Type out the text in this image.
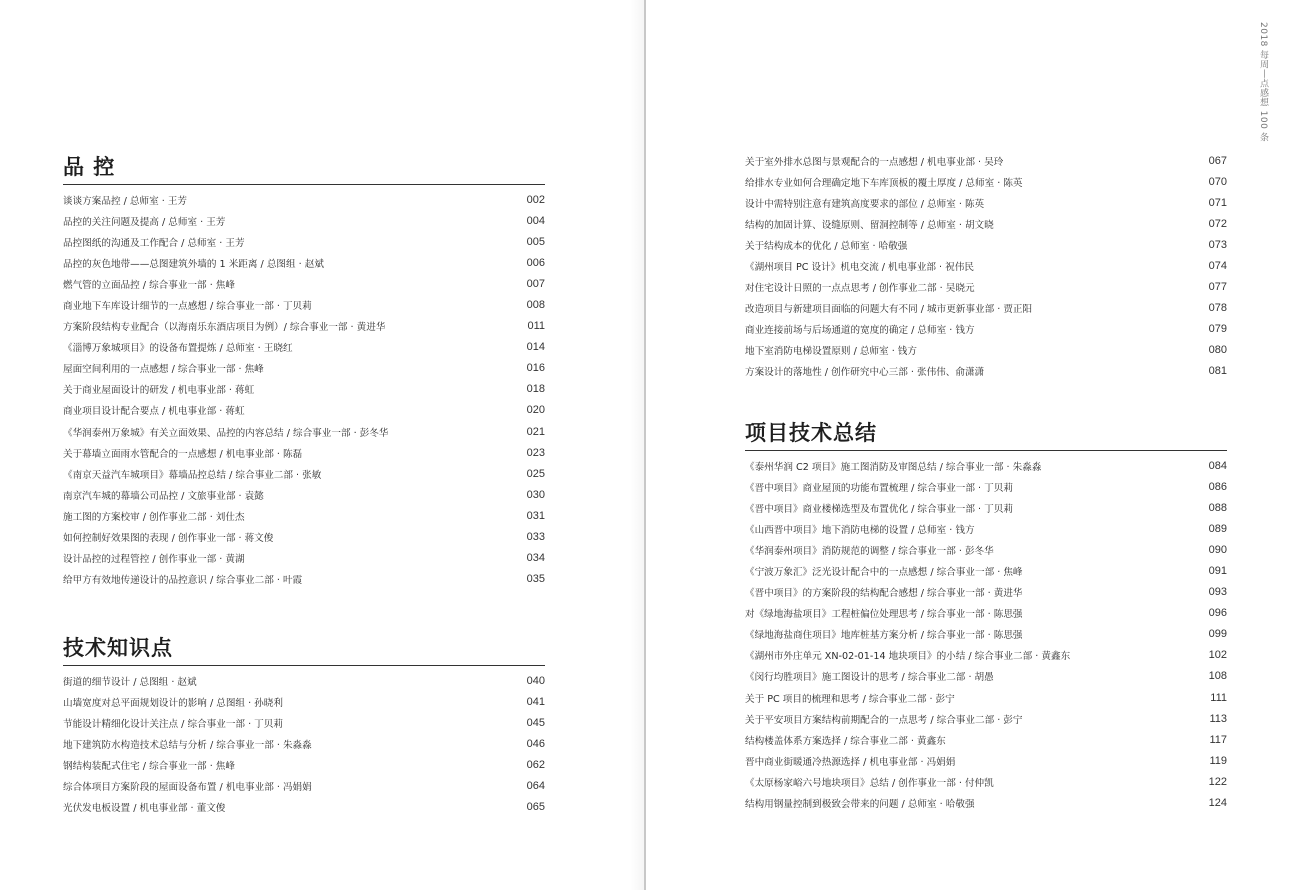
2018 每周丨点感想 100 条
品 控
谈谈方案品控 / 总师室 · 王芳	002
品控的关注问题及提高 / 总师室 · 王芳	004
品控图纸的沟通及工作配合 / 总师室 · 王芳	005
品控的灰色地带——总图建筑外墙的 1 米距离 / 总图组 · 赵斌	006
燃气管的立面品控 / 综合事业一部 · 焦峰	007
商业地下车库设计细节的一点感想 / 综合事业一部 · 丁贝莉	008
方案阶段结构专业配合（以海南乐东酒店项目为例）/ 综合事业一部 · 黄进华	011
《淄博万象城项目》的设备布置提炼 / 总师室 · 王晓红	014
屋面空间利用的一点感想 / 综合事业一部 · 焦峰	016
关于商业屋面设计的研发 / 机电事业部 · 蒋虹	018
商业项目设计配合要点 / 机电事业部 · 蒋虹	020
《华润泰州万象城》有关立面效果、品控的内容总结 / 综合事业一部 · 彭冬华	021
关于幕墙立面雨水管配合的一点感想 / 机电事业部 · 陈磊	023
《南京天益汽车城项目》幕墙品控总结 / 综合事业二部 · 张敏	025
南京汽车城的幕墙公司品控 / 文旅事业部 · 袁懿	030
施工图的方案校审 / 创作事业二部 · 刘仕杰	031
如何控制好效果图的表现 / 创作事业一部 · 蒋文俊	033
设计品控的过程管控 / 创作事业一部 · 黄湖	034
给甲方有效地传递设计的品控意识 / 综合事业二部 · 叶霞	035
技术知识点
街道的细节设计 / 总图组 · 赵斌	040
山墙宽度对总平面规划设计的影响 / 总图组 · 孙晓利	041
节能设计精细化设计关注点 / 综合事业一部 · 丁贝莉	045
地下建筑防水构造技术总结与分析 / 综合事业一部 · 朱淼淼	046
钢结构装配式住宅 / 综合事业一部 · 焦峰	062
综合体项目方案阶段的屋面设备布置 / 机电事业部 · 冯娟娟	064
光伏发电板设置 / 机电事业部 · 董文俊	065
关于室外排水总图与景观配合的一点感想 / 机电事业部 · 吴玲	067
给排水专业如何合理确定地下车库顶板的覆土厚度 / 总师室 · 陈英	070
设计中需特别注意有建筑高度要求的部位 / 总师室 · 陈英	071
结构的加固计算、设缝原则、留洞控制等 / 总师室 · 胡文晓	072
关于结构成本的优化 / 总师室 · 哈敬强	073
《湖州项目 PC 设计》机电交流 / 机电事业部 · 祝伟民	074
对住宅设计日照的一点点思考 / 创作事业二部 · 吴晓元	077
改造项目与新建项目面临的问题大有不同 / 城市更新事业部 · 贾正阳	078
商业连接前场与后场通道的宽度的确定 / 总师室 · 钱方	079
地下室消防电梯设置原则 / 总师室 · 钱方	080
方案设计的落地性 / 创作研究中心三部 · 张伟伟、俞潇潇	081
项目技术总结
《泰州华润 C2 项目》施工图消防及审图总结 / 综合事业一部 · 朱淼淼	084
《晋中项目》商业屋顶的功能布置梳理 / 综合事业一部 · 丁贝莉	086
《晋中项目》商业楼梯选型及布置优化 / 综合事业一部 · 丁贝莉	088
《山西晋中项目》地下消防电梯的设置 / 总师室 · 钱方	089
《华润泰州项目》消防规范的调整 / 综合事业一部 · 彭冬华	090
《宁波万象汇》泛光设计配合中的一点感想 / 综合事业一部 · 焦峰	091
《晋中项目》的方案阶段的结构配合感想 / 综合事业一部 · 黄进华	093
对《绿地海盐项目》工程桩偏位处理思考 / 综合事业一部 · 陈思强	096
《绿地海盐商住项目》地库桩基方案分析 / 综合事业一部 · 陈思强	099
《湖州市外庄单元 XN-02-01-14 地块项目》的小结 / 综合事业二部 · 黄鑫东	102
《闵行均胜项目》施工图设计的思考 / 综合事业二部 · 胡愚	108
关于 PC 项目的梳理和思考 / 综合事业二部 · 彭宁	111
关于平安项目方案结构前期配合的一点思考 / 综合事业二部 · 彭宁	113
结构楼盖体系方案选择 / 综合事业二部 · 黄鑫东	117
晋中商业街暖通冷热源选择 / 机电事业部 · 冯娟娟	119
《太原杨家峪六号地块项目》总结 / 创作事业一部 · 付仲凯	122
结构用钢量控制到极致会带来的问题 / 总师室 · 哈敬强	124
